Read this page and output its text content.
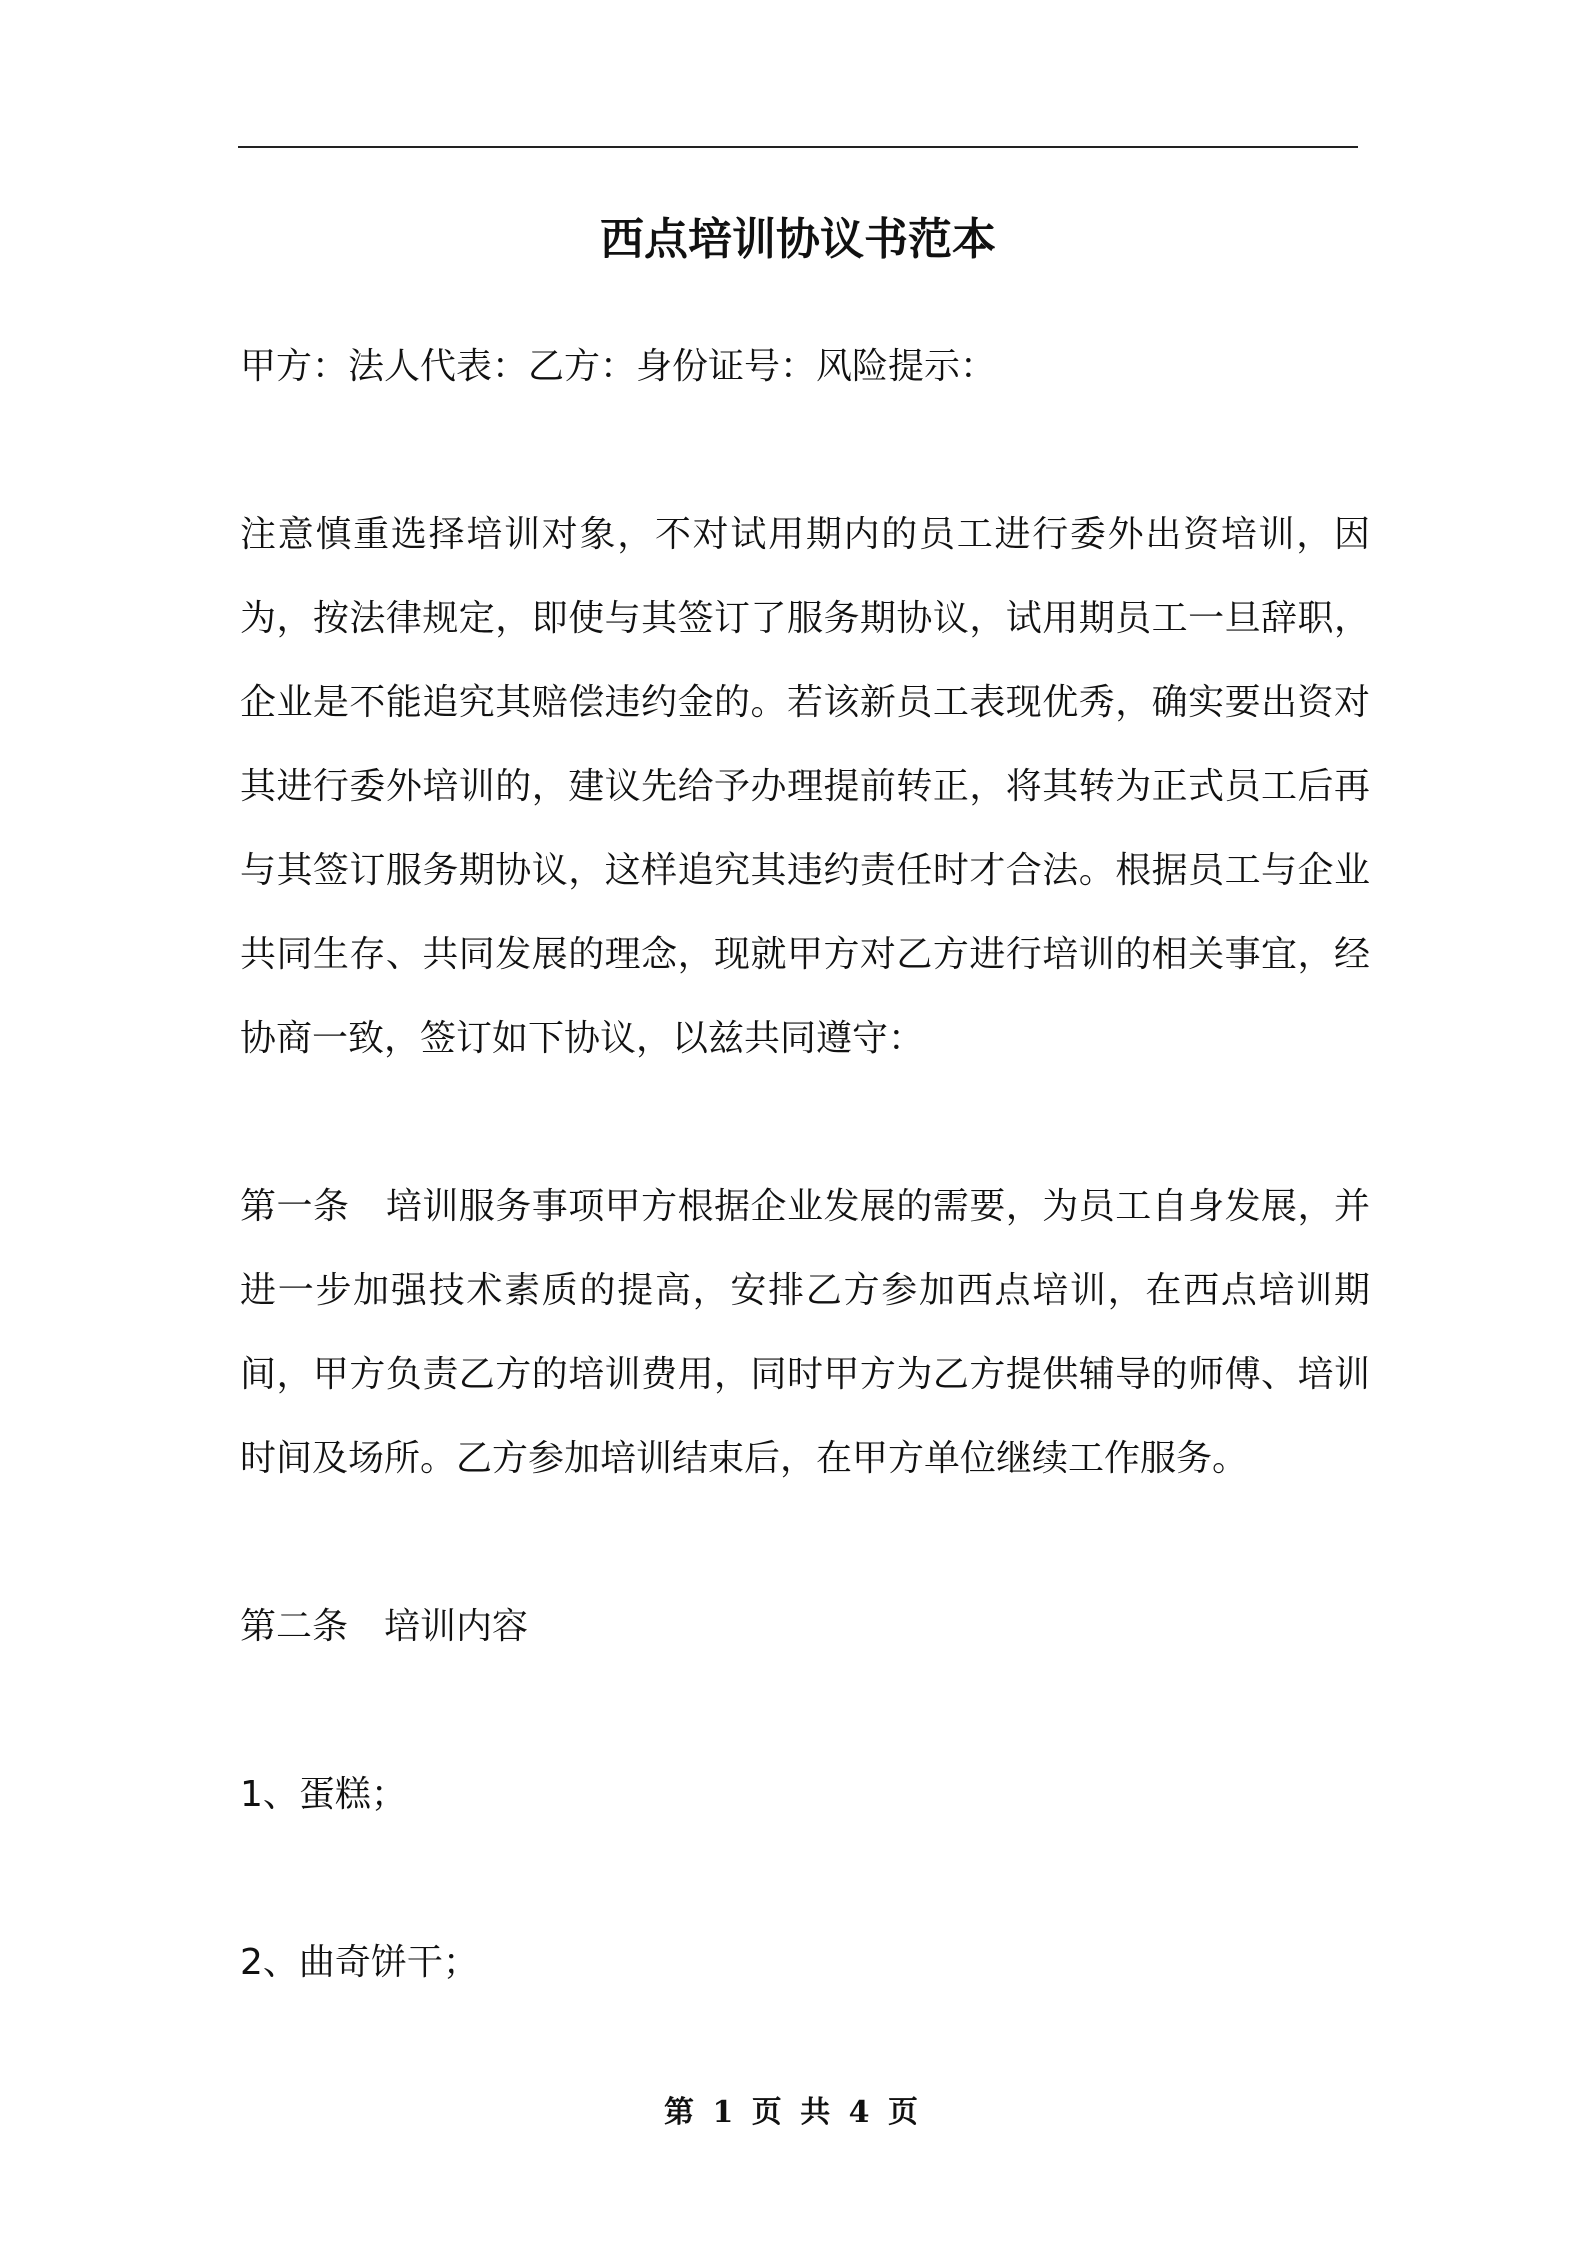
西点培训协议书范本

甲方：法人代表：乙方：身份证号：风险提示：

注意慎重选择培训对象，不对试用期内的员工进行委外出资培训，因为，按法律规定，即使与其签订了服务期协议，试用期员工一旦辞职，企业是不能追究其赔偿违约金的。若该新员工表现优秀，确实要出资对其进行委外培训的，建议先给予办理提前转正，将其转为正式员工后再与其签订服务期协议，这样追究其违约责任时才合法。根据员工与企业共同生存、共同发展的理念，现就甲方对乙方进行培训的相关事宜，经协商一致，签订如下协议，以兹共同遵守：

第一条　培训服务事项甲方根据企业发展的需要，为员工自身发展，并进一步加强技术素质的提高，安排乙方参加西点培训，在西点培训期间，甲方负责乙方的培训费用，同时甲方为乙方提供辅导的师傅、培训时间及场所。乙方参加培训结束后，在甲方单位继续工作服务。

第二条　培训内容

1、蛋糕；

2、曲奇饼干；

第 1 页 共 4 页
